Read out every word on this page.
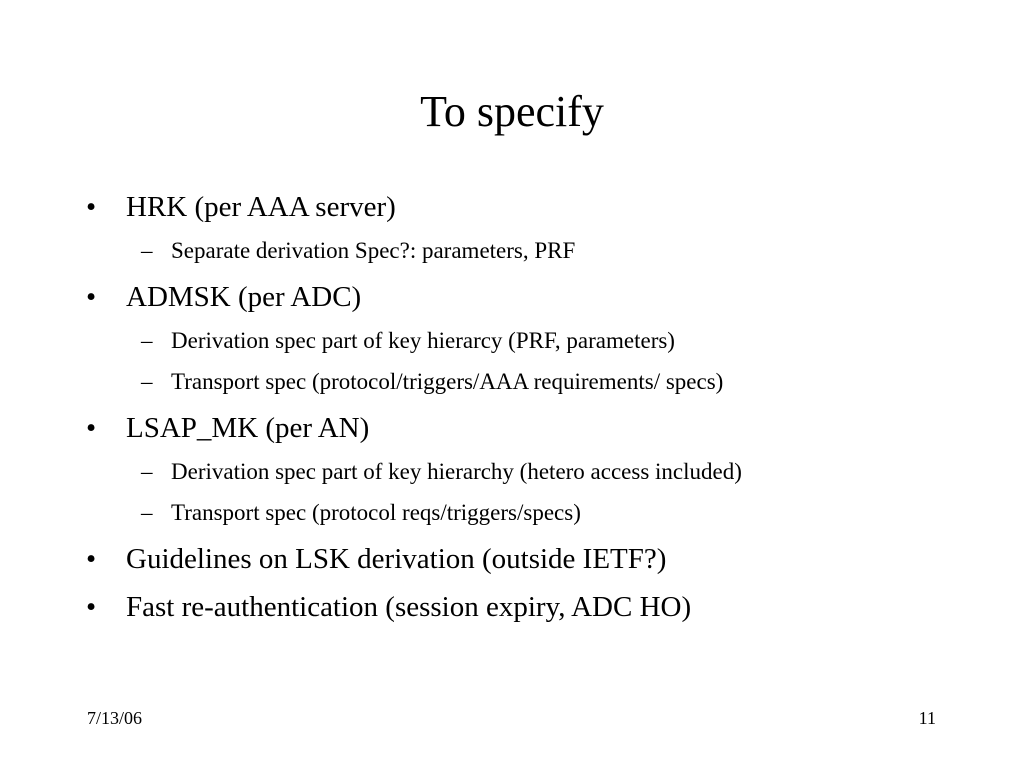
To specify
• HRK (per AAA server)
– Separate derivation Spec?: parameters, PRF
• ADMSK (per ADC)
– Derivation spec part of key hierarcy (PRF, parameters)
– Transport spec (protocol/triggers/AAA requirements/ specs)
• LSAP_MK (per AN)
– Derivation spec part of key hierarchy (hetero access included)
– Transport spec (protocol reqs/triggers/specs)
• Guidelines on LSK derivation (outside IETF?)
• Fast re-authentication (session expiry, ADC HO)
7/13/06	11
